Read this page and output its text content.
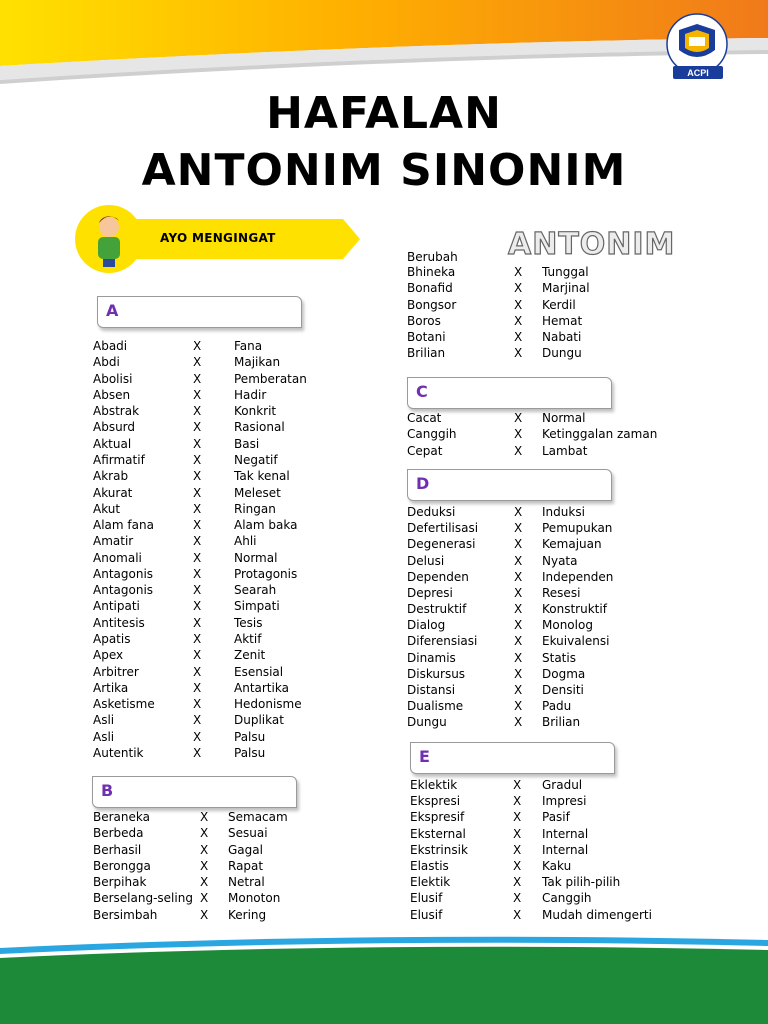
ACPI
HAFALAN
ANTONIM SINONIM
AYO MENGINGAT	ANTONIM
A
B
C
D
E
Berubah
Abadi	X	Fana
Abdi	X	Majikan
Abolisi	X	Pemberatan
Absen	X	Hadir
Abstrak	X	Konkrit
Absurd	X	Rasional
Aktual	X	Basi
Afirmatif	X	Negatif
Akrab	X	Tak kenal
Akurat	X	Meleset
Akut	X	Ringan
Alam fana	X	Alam baka
Amatir	X	Ahli
Anomali	X	Normal
Antagonis	X	Protagonis
Antagonis	X	Searah
Antipati	X	Simpati
Antitesis	X	Tesis
Apatis	X	Aktif
Apex	X	Zenit
Arbitrer	X	Esensial
Artika	X	Antartika
Asketisme	X	Hedonisme
Asli	X	Duplikat
Asli	X	Palsu
Autentik	X	Palsu
Beraneka	X Semacam
Berbeda	X Sesuai
Berhasil	X Gagal
Berongga	X Rapat
Berpihak	X Netral
Berselang-seling X Monoton
Bersimbah	X Kering
Bhineka	X Tunggal
Bonafid	X Marjinal
Bongsor	X Kerdil
Boros	X Hemat
Botani	X Nabati
Brilian	X Dungu
Cacat	X Normal
Canggih	X Ketinggalan zaman
Cepat	X Lambat
Deduksi	X Induksi
Defertilisasi	X Pemupukan
Degenerasi	X Kemajuan
Delusi	X Nyata
Dependen	X Independen
Depresi	X Resesi
Destruktif	X Konstruktif
Dialog	X Monolog
Diferensiasi	X Ekuivalensi
Dinamis	X Statis
Diskursus	X Dogma
Distansi	X Densiti
Dualisme	X Padu
Dungu	X Brilian
Eklektik	X Gradul
Ekspresi	X Impresi
Ekspresif	X Pasif
Eksternal	X Internal
Ekstrinsik	X Internal
Elastis	X Kaku
Elektik	X Tak pilih-pilih
Elusif	X Canggih
Elusif	X Mudah dimengerti
